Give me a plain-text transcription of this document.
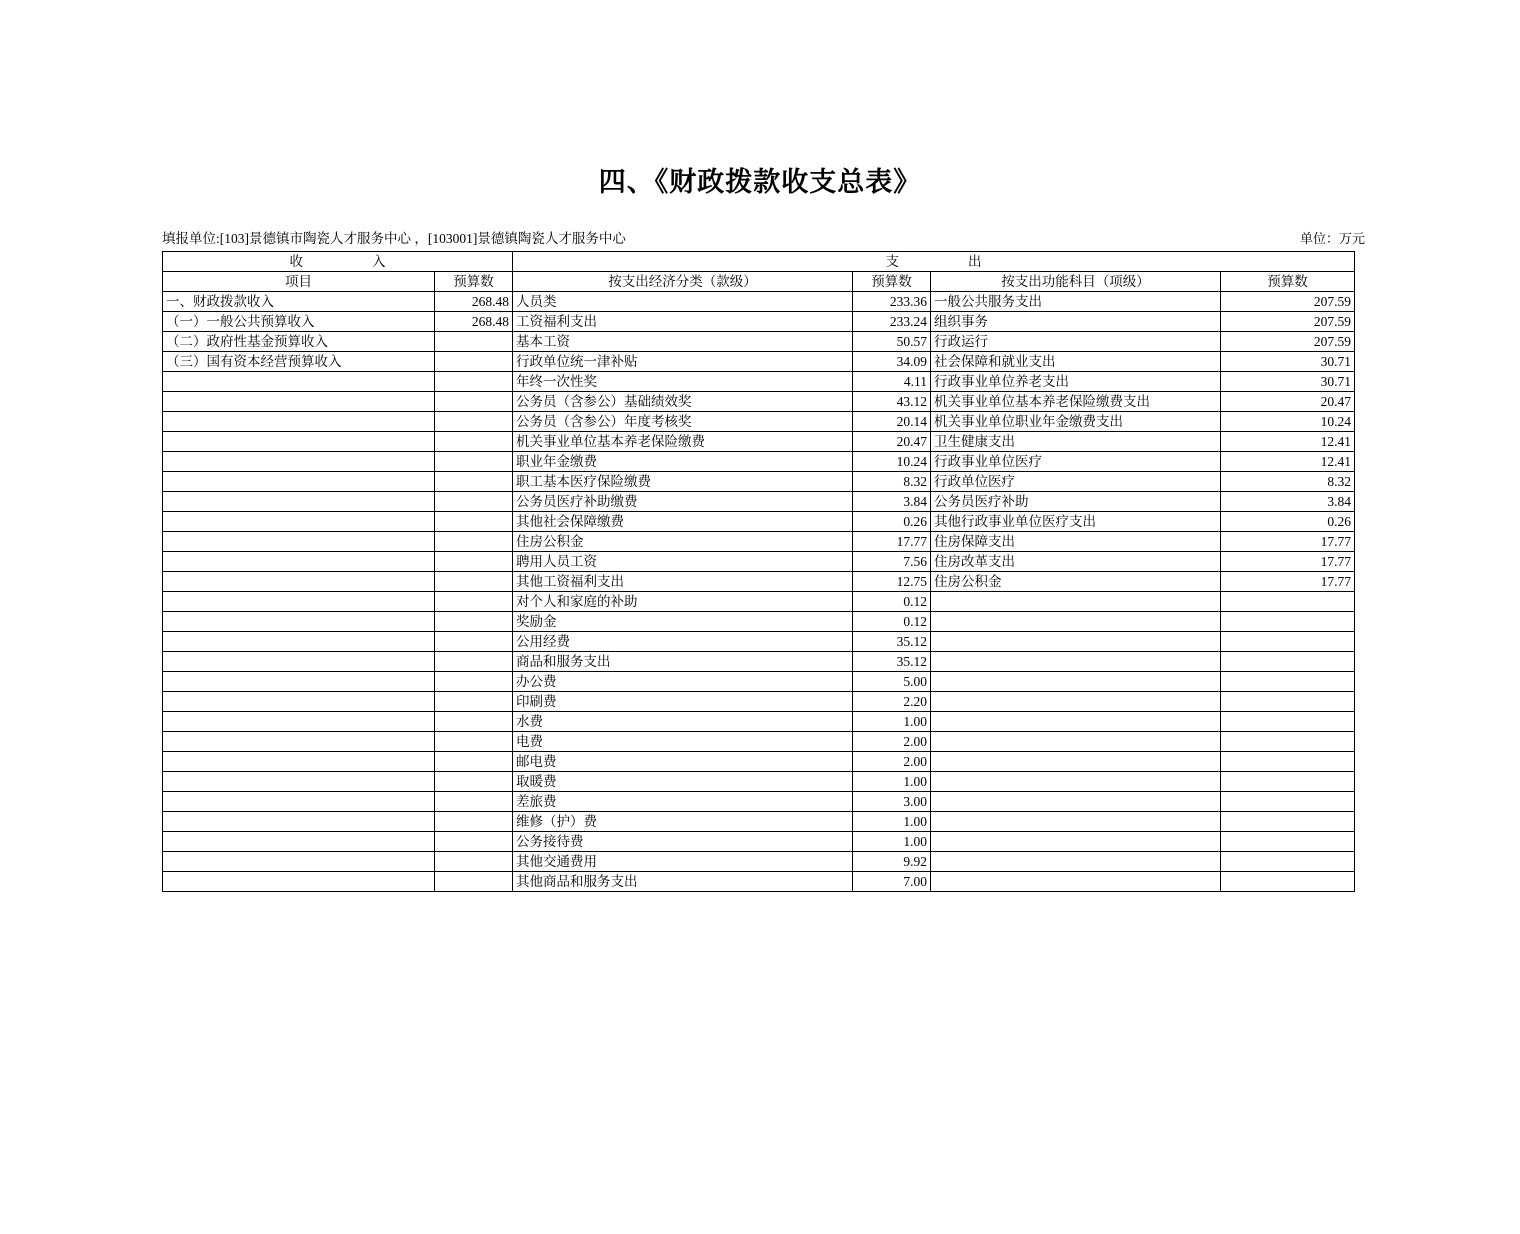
四、《财政拨款收支总表》
填报单位:[103]景德镇市陶瓷人才服务中心 ，[103001]景德镇陶瓷人才服务中心	单位：万元
收　　入		支　　出			
项目	预算数	按支出经济分类（款级）	预算数	按支出功能科目（项级）	预算数
一、财政拨款收入	268.48	人员类	233.36	一般公共服务支出	207.59
（一）一般公共预算收入	268.48	工资福利支出	233.24	组织事务	207.59
（二）政府性基金预算收入		基本工资	50.57	行政运行	207.59
（三）国有资本经营预算收入		行政单位统一津补贴	34.09	社会保障和就业支出	30.71
		年终一次性奖	4.11	行政事业单位养老支出	30.71
		公务员（含参公）基础绩效奖	43.12	机关事业单位基本养老保险缴费支出	20.47
		公务员（含参公）年度考核奖	20.14	机关事业单位职业年金缴费支出	10.24
		机关事业单位基本养老保险缴费	20.47	卫生健康支出	12.41
		职业年金缴费	10.24	行政事业单位医疗	12.41
		职工基本医疗保险缴费	8.32	行政单位医疗	8.32
		公务员医疗补助缴费	3.84	公务员医疗补助	3.84
		其他社会保障缴费	0.26	其他行政事业单位医疗支出	0.26
		住房公积金	17.77	住房保障支出	17.77
		聘用人员工资	7.56	住房改革支出	17.77
		其他工资福利支出	12.75	住房公积金	17.77
		对个人和家庭的补助	0.12		
		奖励金	0.12		
		公用经费	35.12		
		商品和服务支出	35.12		
		办公费	5.00		
		印刷费	2.20		
		水费	1.00		
		电费	2.00		
		邮电费	2.00		
		取暖费	1.00		
		差旅费	3.00		
		维修（护）费	1.00		
		公务接待费	1.00		
		其他交通费用	9.92		
		其他商品和服务支出	7.00		
